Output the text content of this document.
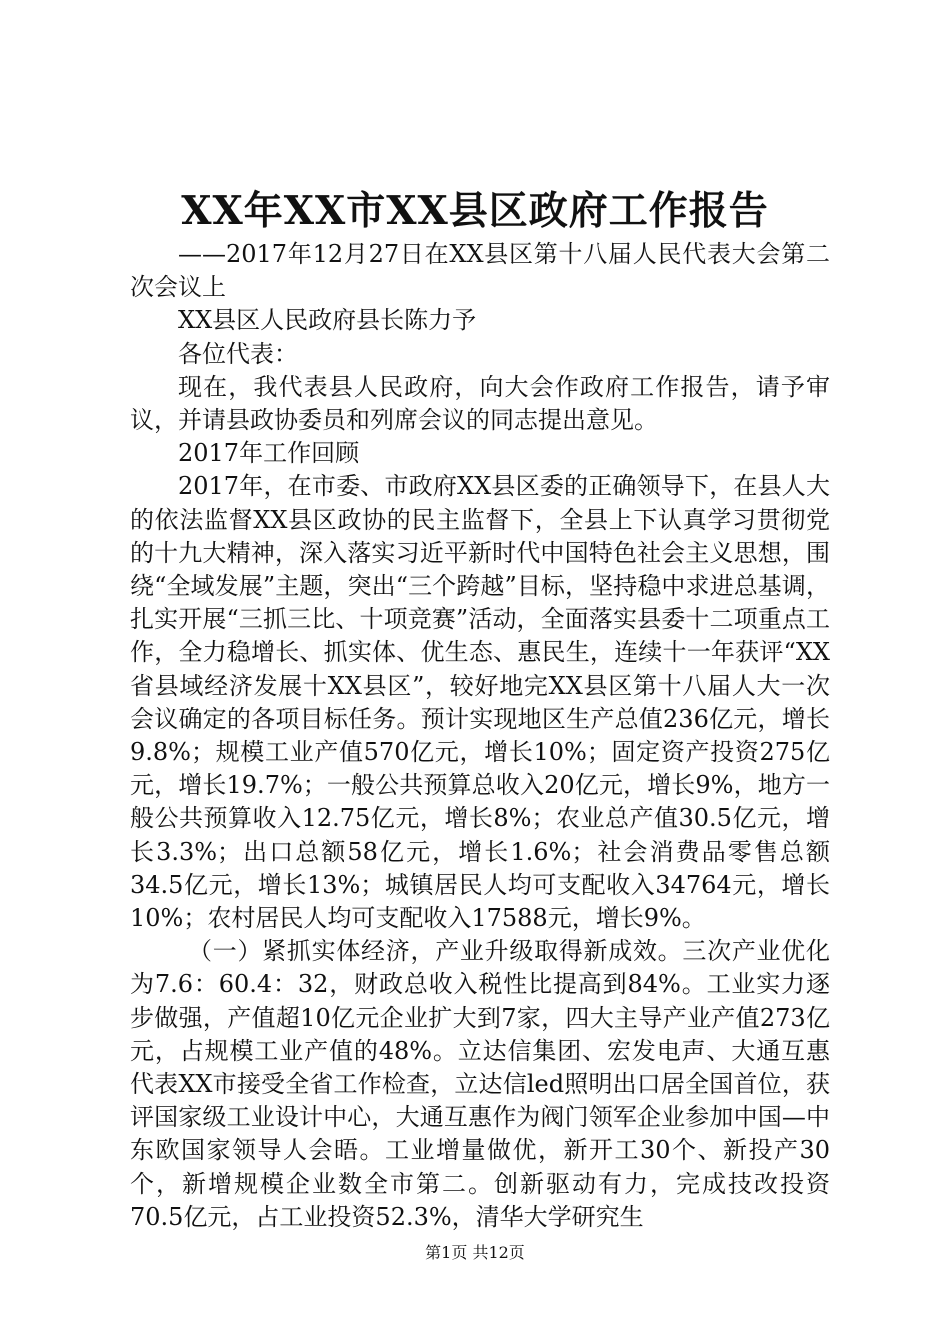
XX年XX市XX县区政府工作报告

——2017年12月27日在XX县区第十八届人民代表大会第二次会议上

XX县区人民政府县长陈力予

各位代表：

现在，我代表县人民政府，向大会作政府工作报告，请予审议，并请县政协委员和列席会议的同志提出意见。

2017年工作回顾

2017年，在市委、市政府XX县区委的正确领导下，在县人大的依法监督XX县区政协的民主监督下，全县上下认真学习贯彻党的十九大精神，深入落实习近平新时代中国特色社会主义思想，围绕“全域发展”主题，突出“三个跨越”目标，坚持稳中求进总基调，扎实开展“三抓三比、十项竞赛”活动，全面落实县委十二项重点工作，全力稳增长、抓实体、优生态、惠民生，连续十一年获评“XX省县域经济发展十XX县区”，较好地完XX县区第十八届人大一次会议确定的各项目标任务。预计实现地区生产总值236亿元，增长9.8%；规模工业产值570亿元，增长10%；固定资产投资275亿元，增长19.7%；一般公共预算总收入20亿元，增长9%，地方一般公共预算收入12.75亿元，增长8%；农业总产值30.5亿元，增长3.3%；出口总额58亿元，增长1.6%；社会消费品零售总额34.5亿元，增长13%；城镇居民人均可支配收入34764元，增长10%；农村居民人均可支配收入17588元，增长9%。

（一）紧抓实体经济，产业升级取得新成效。三次产业优化为7.6：60.4：32，财政总收入税性比提高到84%。工业实力逐步做强，产值超10亿元企业扩大到7家，四大主导产业产值273亿元，占规模工业产值的48%。立达信集团、宏发电声、大通互惠代表XX市接受全省工作检查，立达信led照明出口居全国首位，获评国家级工业设计中心，大通互惠作为阀门领军企业参加中国—中东欧国家领导人会晤。工业增量做优，新开工30个、新投产30个，新增规模企业数全市第二。创新驱动有力，完成技改投资70.5亿元，占工业投资52.3%，清华大学研究生

第1页 共12页
